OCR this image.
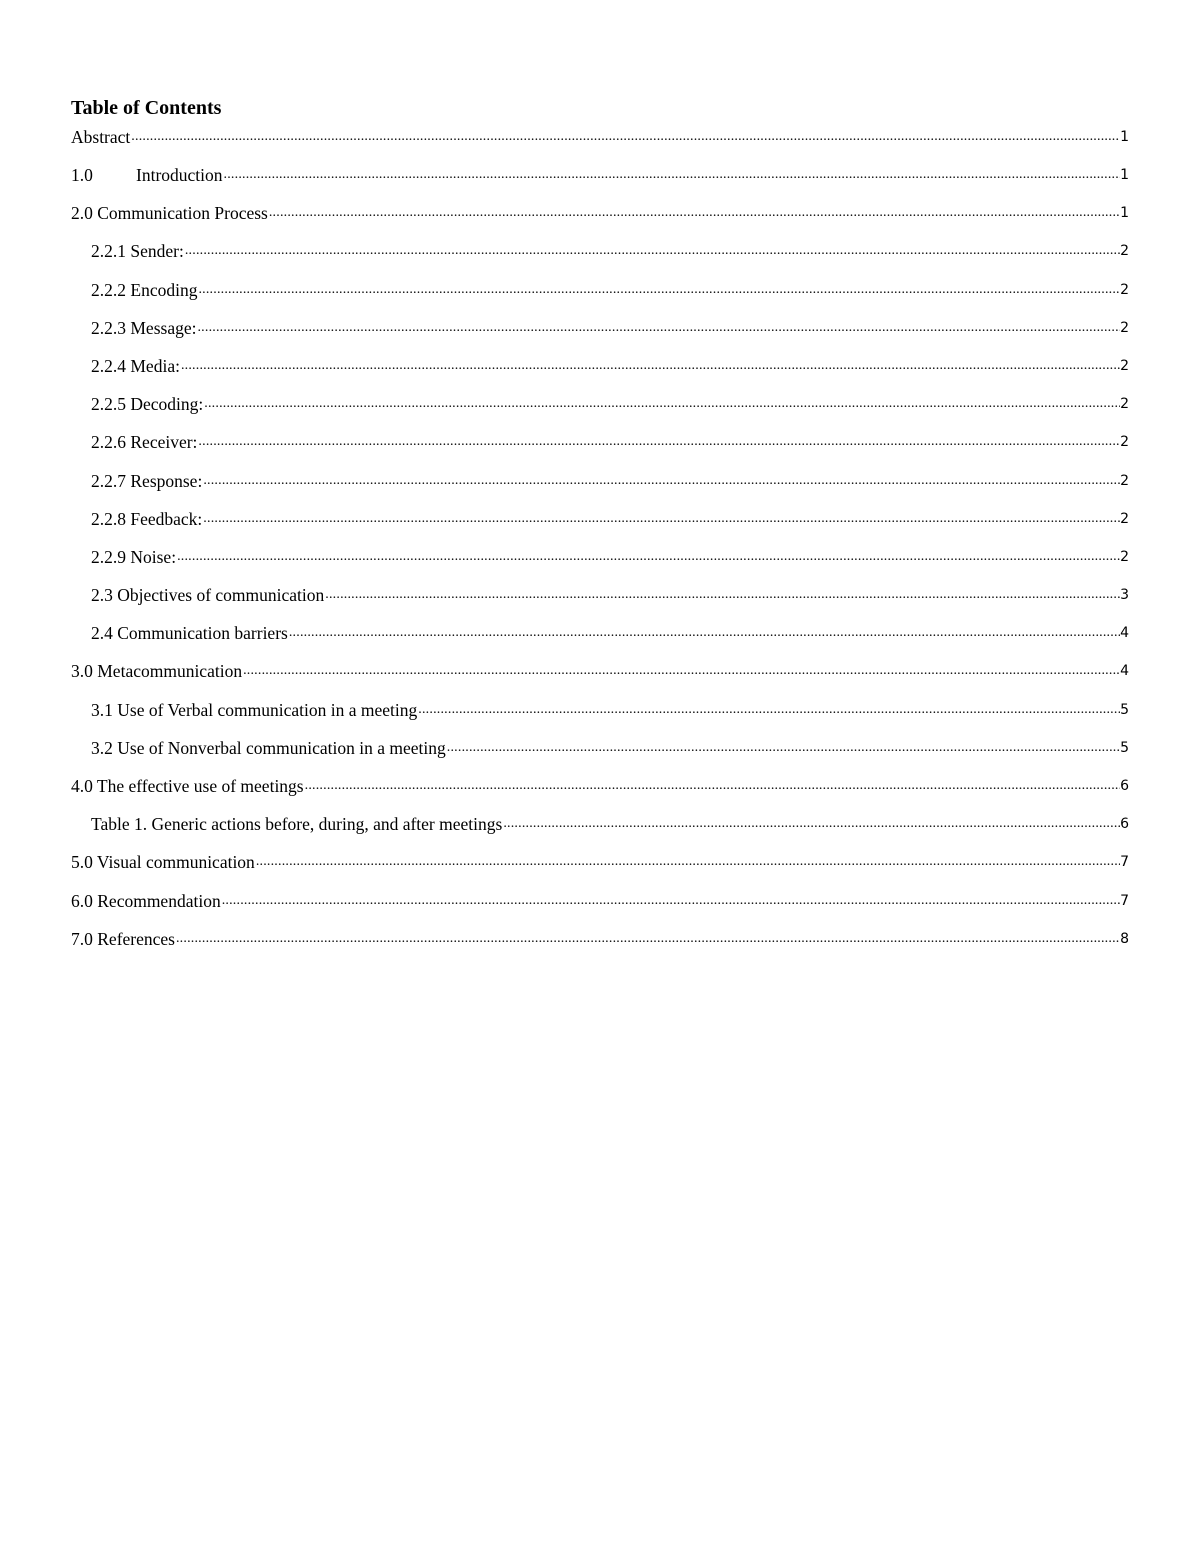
Table of Contents
Abstract .....	1
1.0	Introduction .....	1
2.0 Communication Process .....	1
2.2.1 Sender: .....	2
2.2.2 Encoding .....	2
2.2.3 Message: .....	2
2.2.4 Media: .....	2
2.2.5 Decoding: .....	2
2.2.6 Receiver: .....	2
2.2.7 Response: .....	2
2.2.8 Feedback: .....	2
2.2.9 Noise: .....	2
2.3 Objectives of communication .....	3
2.4 Communication barriers .....	4
3.0 Metacommunication .....	4
3.1 Use of Verbal communication in a meeting .....	5
3.2 Use of Nonverbal communication in a meeting .....	5
4.0 The effective use of meetings .....	6
Table 1. Generic actions before, during, and after meetings .....	6
5.0 Visual communication .....	7
6.0 Recommendation .....	7
7.0 References .....	8
